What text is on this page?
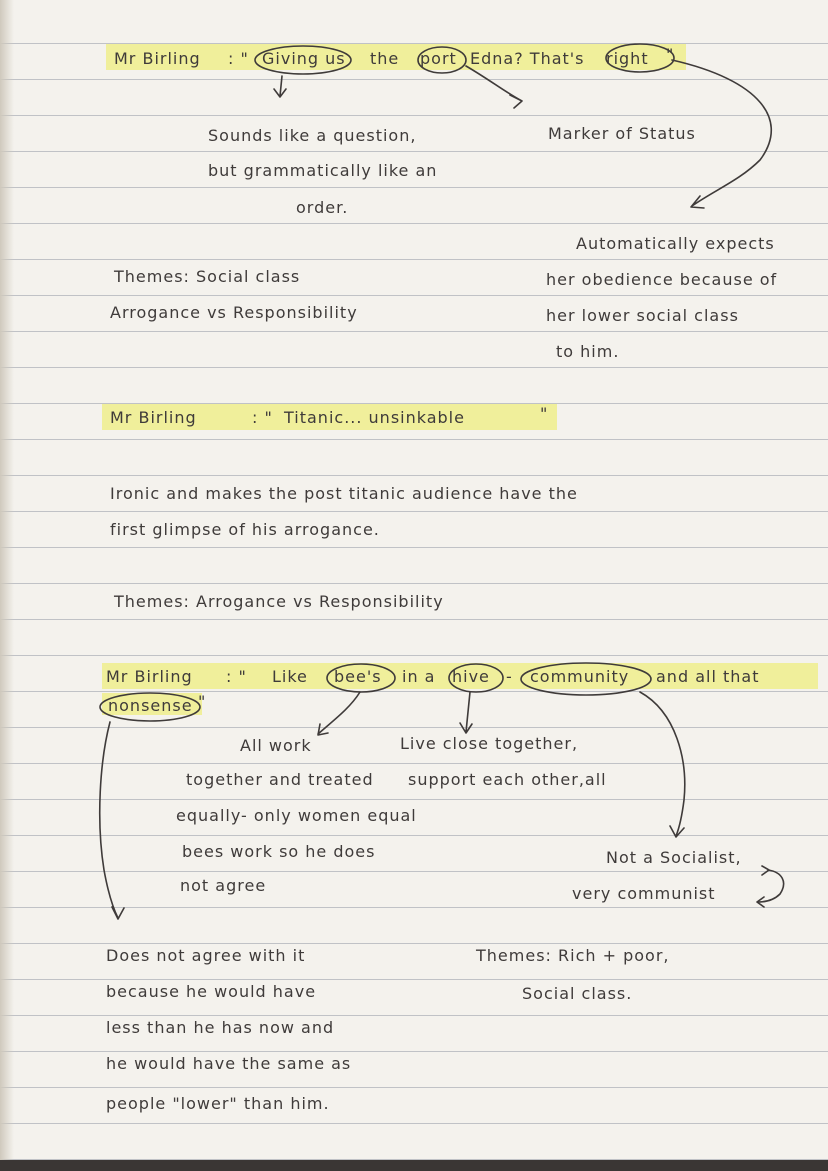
Mr Birling : " Giving us the port Edna? That's right "
Sounds like a question,
but grammatically like an
order.
Marker of Status
Automatically expects
her obedience because of
her lower social class
to him.
Themes: Social class
Arrogance vs Responsibility
Mr Birling	: " Titanic... unsinkable	"
Ironic and makes the post titanic audience have the
first glimpse of his arrogance.
Themes: Arrogance vs Responsibility
Mr Birling : " Like bee's in a hive - community and all that
nonsense "
All work
together and treated
equally- only women equal
bees work so he does
not agree
Live close together,
support each other,all
Not a Socialist,
very communist
Does not agree with it
because he would have
less than he has now and
he would have the same as
people "lower" than him.
Themes: Rich + poor,
Social class.
